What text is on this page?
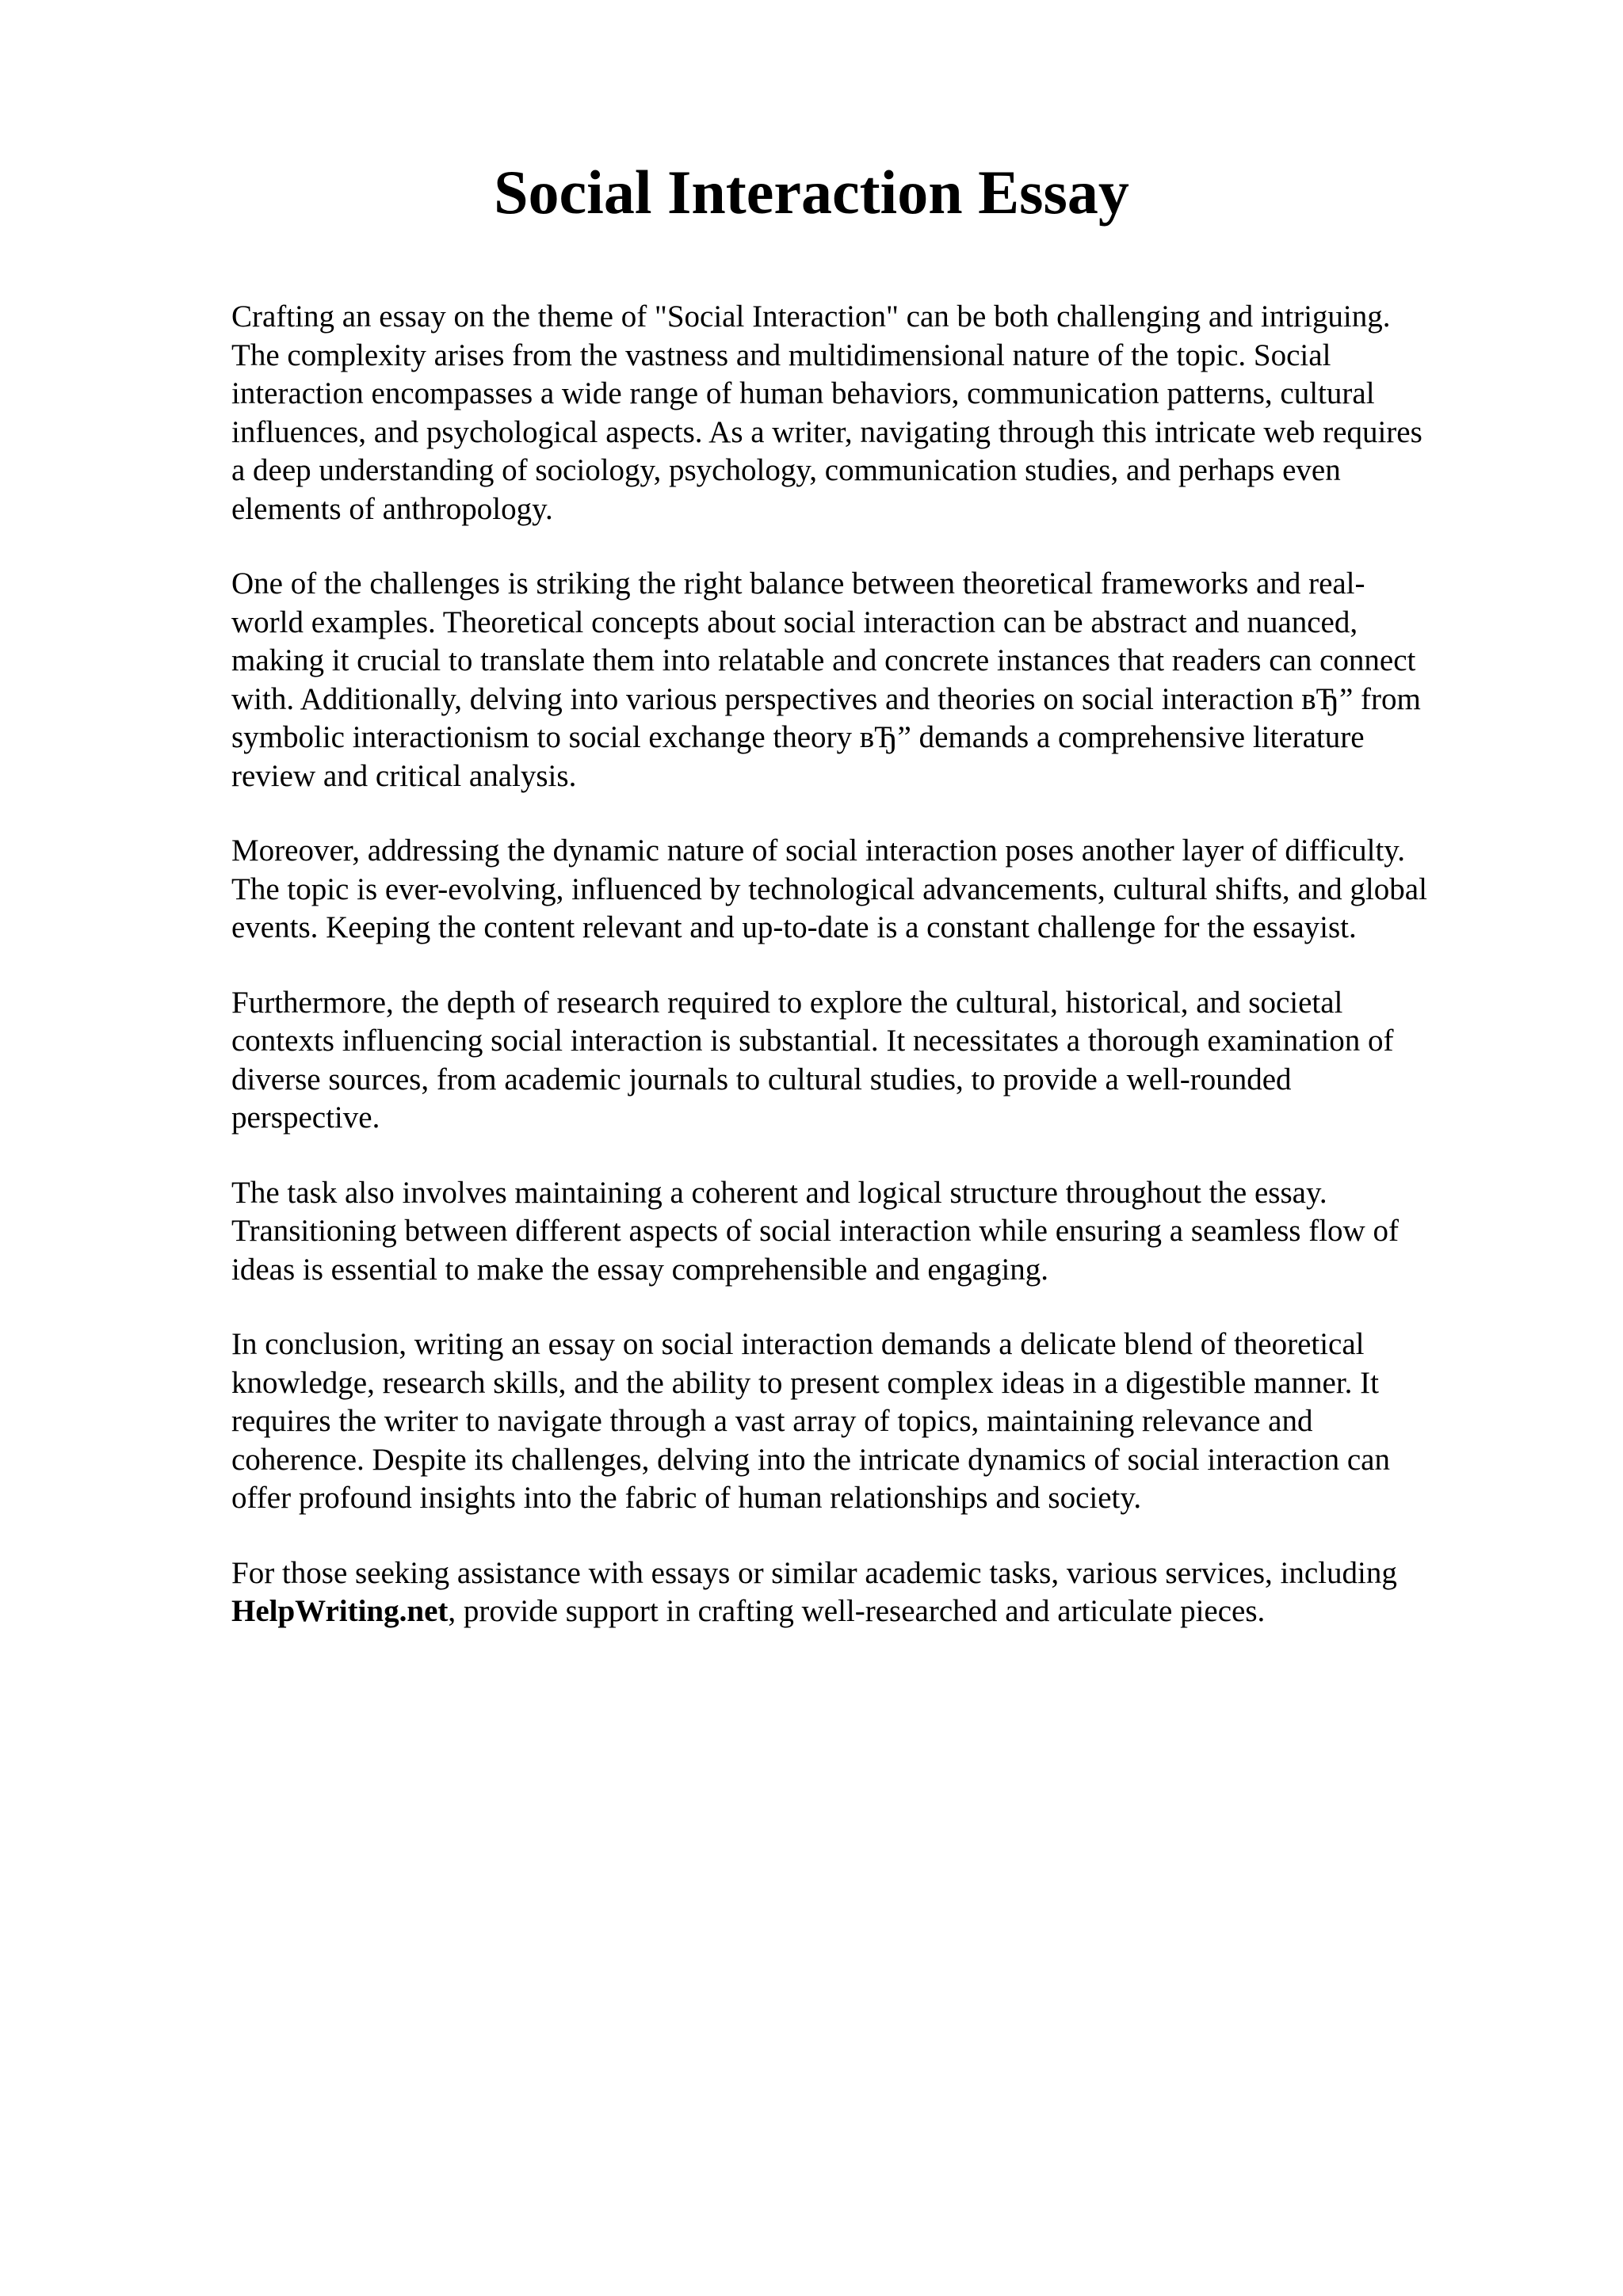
Social Interaction Essay

Crafting an essay on the theme of "Social Interaction" can be both challenging and intriguing.
The complexity arises from the vastness and multidimensional nature of the topic. Social
interaction encompasses a wide range of human behaviors, communication patterns, cultural
influences, and psychological aspects. As a writer, navigating through this intricate web requires
a deep understanding of sociology, psychology, communication studies, and perhaps even
elements of anthropology.

One of the challenges is striking the right balance between theoretical frameworks and real-
world examples. Theoretical concepts about social interaction can be abstract and nuanced,
making it crucial to translate them into relatable and concrete instances that readers can connect
with. Additionally, delving into various perspectives and theories on social interaction вЂ” from
symbolic interactionism to social exchange theory вЂ” demands a comprehensive literature
review and critical analysis.

Moreover, addressing the dynamic nature of social interaction poses another layer of difficulty.
The topic is ever-evolving, influenced by technological advancements, cultural shifts, and global
events. Keeping the content relevant and up-to-date is a constant challenge for the essayist.

Furthermore, the depth of research required to explore the cultural, historical, and societal
contexts influencing social interaction is substantial. It necessitates a thorough examination of
diverse sources, from academic journals to cultural studies, to provide a well-rounded
perspective.

The task also involves maintaining a coherent and logical structure throughout the essay.
Transitioning between different aspects of social interaction while ensuring a seamless flow of
ideas is essential to make the essay comprehensible and engaging.

In conclusion, writing an essay on social interaction demands a delicate blend of theoretical
knowledge, research skills, and the ability to present complex ideas in a digestible manner. It
requires the writer to navigate through a vast array of topics, maintaining relevance and
coherence. Despite its challenges, delving into the intricate dynamics of social interaction can
offer profound insights into the fabric of human relationships and society.

For those seeking assistance with essays or similar academic tasks, various services, including
HelpWriting.net, provide support in crafting well-researched and articulate pieces.
